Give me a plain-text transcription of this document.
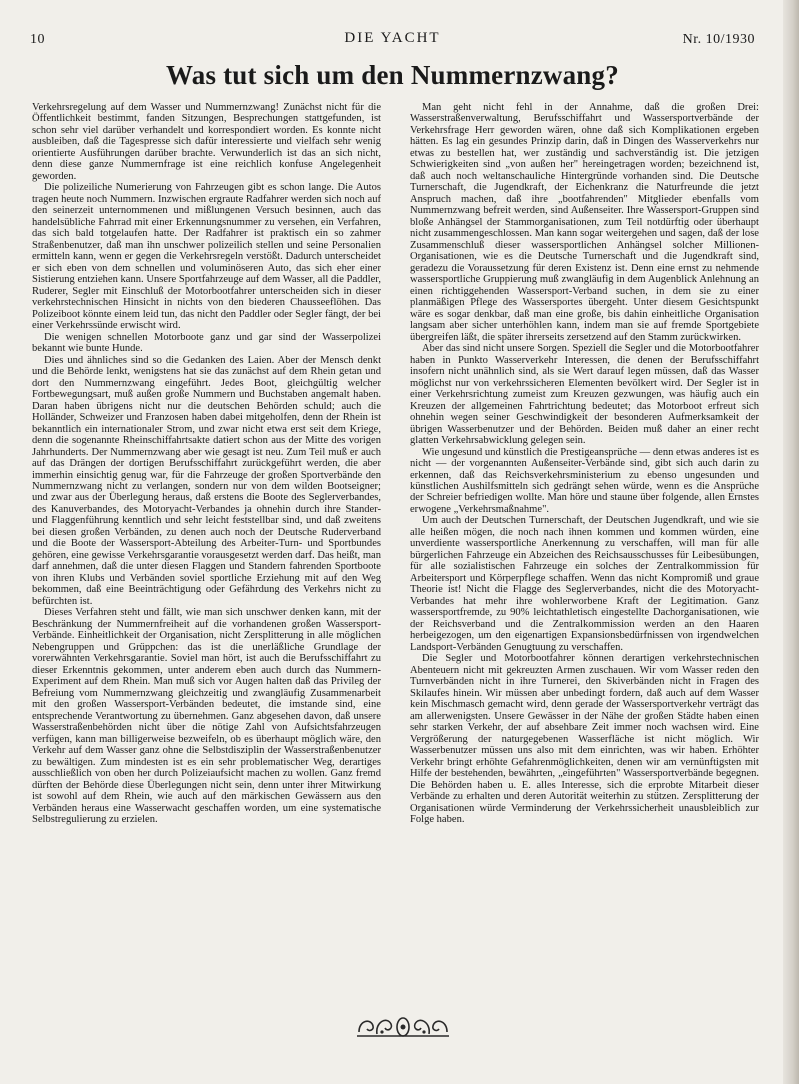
10	DIE YACHT	Nr. 10/1930
Was tut sich um den Nummernzwang?

Verkehrsregelung auf dem Wasser und Nummernzwang! Zunächst nicht für die Öffentlichkeit bestimmt, fanden Sitzungen, Besprechungen stattgefunden, ist schon sehr viel darüber verhandelt und korrespondiert worden. Es konnte nicht ausbleiben, daß die Tagespresse sich dafür interessierte und vielfach sehr wenig orientierte Ausführungen darüber brachte. Verwunderlich ist das an sich nicht, denn diese ganze Nummernfrage ist eine reichlich konfuse Angelegenheit geworden.

Die polizeiliche Numerierung von Fahrzeugen gibt es schon lange. Die Autos tragen heute noch Nummern. Inzwischen ergraute Radfahrer werden sich noch auf den seinerzeit unternommenen und mißlungenen Versuch besinnen, auch das handelsübliche Fahrrad mit einer Erkennungsnummer zu versehen, ein Verfahren, das sich bald totgelaufen hatte. Der Radfahrer ist praktisch ein so zahmer Straßenbenutzer, daß man ihn unschwer polizeilich stellen und seine Personalien ermitteln kann, wenn er gegen die Verkehrsregeln verstößt. Dadurch unterscheidet er sich eben von dem schnellen und voluminöseren Auto, das sich eher einer Sistierung entziehen kann. Unsere Sportfahrzeuge auf dem Wasser, all die Paddler, Ruderer, Segler mit Einschluß der Motorbootfahrer unterscheiden sich in dieser verkehrstechnischen Hinsicht in nichts von den biederen Chausseeflöhen. Das Polizeiboot könnte einem leid tun, das nicht den Paddler oder Segler fängt, der bei einer Verkehrssünde erwischt wird.

Die wenigen schnellen Motorboote ganz und gar sind der Wasserpolizei bekannt wie bunte Hunde.

Dies und ähnliches sind so die Gedanken des Laien. Aber der Mensch denkt und die Behörde lenkt, wenigstens hat sie das zunächst auf dem Rhein getan und dort den Nummernzwang eingeführt. Jedes Boot, gleichgültig welcher Fortbewegungsart, muß außen große Nummern und Buchstaben angemalt haben. Daran haben übrigens nicht nur die deutschen Behörden schuld; auch die Holländer, Schweizer und Franzosen haben dabei mitgeholfen, denn der Rhein ist bekanntlich ein internationaler Strom, und zwar nicht etwa erst seit dem Kriege, denn die sogenannte Rheinschiffahrtsakte datiert schon aus der Mitte des vorigen Jahrhunderts. Der Nummernzwang aber wie gesagt ist neu. Zum Teil muß er auch auf das Drängen der dortigen Berufsschiffahrt zurückgeführt werden, die aber immerhin einsichtig genug war, für die Fahrzeuge der großen Sportverbände den Nummernzwang nicht zu verlangen, sondern nur von dem wilden Bootseigner; und zwar aus der Überlegung heraus, daß erstens die Boote des Seglerverbandes, des Kanuverbandes, des Motoryacht-Verbandes ja ohnehin durch ihre Stander- und Flaggenführung kenntlich und sehr leicht feststellbar sind, und daß zweitens bei diesen großen Verbänden, zu denen auch noch der Deutsche Ruderverband und die Boote der Wassersport-Abteilung des Arbeiter-Turn- und Sportbundes gehören, eine gewisse Verkehrsgarantie vorausgesetzt werden darf. Das heißt, man darf annehmen, daß die unter diesen Flaggen und Standern fahrenden Sportboote von ihren Klubs und Verbänden soviel sportliche Erziehung mit auf den Weg bekommen, daß eine Beeinträchtigung oder Gefährdung des Verkehrs nicht zu befürchten ist.

Dieses Verfahren steht und fällt, wie man sich unschwer denken kann, mit der Beschränkung der Nummernfreiheit auf die vorhandenen großen Wassersport-Verbände. Einheitlichkeit der Organisation, nicht Zersplitterung in alle möglichen Nebengruppen und Grüppchen: das ist die unerläßliche Grundlage der vorerwähnten Verkehrsgarantie. Soviel man hört, ist auch die Berufsschiffahrt zu dieser Erkenntnis gekommen, unter anderem eben auch durch das Nummern-Experiment auf dem Rhein. Man muß sich vor Augen halten daß das Privileg der Befreiung vom Nummernzwang gleichzeitig und zwangläufig Zusammenarbeit mit den großen Wassersport-Verbänden bedeutet, die imstande sind, eine entsprechende Verantwortung zu übernehmen. Ganz abgesehen davon, daß unsere Wasserstraßenbehörden nicht über die nötige Zahl von Aufsichtsfahrzeugen verfügen, kann man billigerweise bezweifeln, ob es überhaupt möglich wäre, den Verkehr auf dem Wasser ganz ohne die Selbstdisziplin der Wasserstraßenbenutzer zu bewältigen. Zum mindesten ist es ein sehr problematischer Weg, derartiges ausschließlich von oben her durch Polizeiaufsicht machen zu wollen. Ganz fremd dürften der Behörde diese Überlegungen nicht sein, denn unter ihrer Mitwirkung ist sowohl auf dem Rhein, wie auch auf den märkischen Gewässern aus den Verbänden heraus eine Wasserwacht geschaffen worden, um eine systematische Selbstregulierung zu erzielen.

Man geht nicht fehl in der Annahme, daß die großen Drei: Wasserstraßenverwaltung, Berufsschiffahrt und Wassersportverbände der Verkehrsfrage Herr geworden wären, ohne daß sich Komplikationen ergeben hätten. Es lag ein gesundes Prinzip darin, daß in Dingen des Wasserverkehrs nur etwas zu bestellen hat, wer zuständig und sachverständig ist. Die jetzigen Schwierigkeiten sind „von außen her" hereingetragen worden; bezeichnend ist, daß auch noch weltanschauliche Hintergründe vorhanden sind. Die Deutsche Turnerschaft, die Jugendkraft, der Eichenkranz die Naturfreunde die jetzt Anspruch machen, daß ihre „bootfahrenden" Mitglieder ebenfalls vom Nummernzwang befreit werden, sind Außenseiter. Ihre Wassersport-Gruppen sind bloße Anhängsel der Stammorganisationen, zum Teil notdürftig oder überhaupt nicht zusammengeschlossen. Man kann sogar weitergehen und sagen, daß der lose Zusammenschluß dieser wassersportlichen Anhängsel solcher Millionen-Organisationen, wie es die Deutsche Turnerschaft und die Jugendkraft sind, geradezu die Voraussetzung für deren Existenz ist. Denn eine ernst zu nehmende wassersportliche Gruppierung muß zwangläufig in dem Augenblick Anlehnung an einen richtiggehenden Wassersport-Verband suchen, in dem sie zu einer planmäßigen Pflege des Wassersportes übergeht. Unter diesem Gesichtspunkt wäre es sogar denkbar, daß man eine große, bis dahin einheitliche Organisation langsam aber sicher unterhöhlen kann, indem man sie auf fremde Sportgebiete übergreifen läßt, die später ihrerseits zersetzend auf den Stamm zurückwirken.

Aber das sind nicht unsere Sorgen. Speziell die Segler und die Motorbootfahrer haben in Punkto Wasserverkehr Interessen, die denen der Berufsschiffahrt insofern nicht unähnlich sind, als sie Wert darauf legen müssen, daß das Wasser möglichst nur von verkehrssicheren Elementen bevölkert wird. Der Segler ist in einer Verkehrsrichtung zumeist zum Kreuzen gezwungen, was häufig auch ein Kreuzen der allgemeinen Fahrtrichtung bedeutet; das Motorboot erfreut sich ohnehin wegen seiner Geschwindigkeit der besonderen Aufmerksamkeit der übrigen Wasserbenutzer und der Behörden. Beiden muß daher an einer recht glatten Verkehrsabwicklung gelegen sein.

Wie ungesund und künstlich die Prestigeansprüche — denn etwas anderes ist es nicht — der vorgenannten Außenseiter-Verbände sind, gibt sich auch darin zu erkennen, daß das Reichsverkehrsministerium zu ebenso ungesunden und künstlichen Aushilfsmitteln sich gedrängt sehen würde, wenn es die Ansprüche der Schreier befriedigen wollte. Man höre und staune über folgende, allen Ernstes erwogene „Verkehrsmaßnahme".

Um auch der Deutschen Turnerschaft, der Deutschen Jugendkraft, und wie sie alle heißen mögen, die noch nach ihnen kommen und kommen würden, eine unverdiente wassersportliche Anerkennung zu verschaffen, will man für alle bürgerlichen Fahrzeuge ein Abzeichen des Reichsausschusses für Leibesübungen, für alle sozialistischen Fahrzeuge ein solches der Zentralkommission für Arbeitersport und Körperpflege schaffen. Wenn das nicht Kompromiß und graue Theorie ist! Nicht die Flagge des Seglerverbandes, nicht die des Motoryacht-Verbandes hat mehr ihre wohlerworbene Kraft der Legitimation. Ganz wassersportfremde, zu 90% leichtathletisch eingestellte Dachorganisationen, wie der Reichsverband und die Zentralkommission werden an den Haaren herbeigezogen, um den eigenartigen Expansionsbedürfnissen von irgendwelchen Landsport-Verbänden Genugtuung zu verschaffen.

Die Segler und Motorbootfahrer können derartigen verkehrstechnischen Abenteuern nicht mit gekreuzten Armen zuschauen. Wir vom Wasser reden den Turnverbänden nicht in ihre Turnerei, den Skiverbänden nicht in Fragen des Skilaufes hinein. Wir müssen aber unbedingt fordern, daß auch auf dem Wasser kein Mischmasch gemacht wird, denn gerade der Wassersportverkehr verträgt das am allerwenigsten. Unsere Gewässer in der Nähe der großen Städte haben einen sehr starken Verkehr, der auf absehbare Zeit immer noch wachsen wird. Eine Vergrößerung der naturgegebenen Wasserfläche ist nicht möglich. Wir Wasserbenutzer müssen uns also mit dem einrichten, was wir haben. Erhöhter Verkehr bringt erhöhte Gefahrenmöglichkeiten, denen wir am vernünftigsten mit Hilfe der bestehenden, bewährten, „eingeführten" Wassersportverbände begegnen. Die Behörden haben u. E. alles Interesse, sich die erprobte Mitarbeit dieser Verbände zu erhalten und deren Autorität weiterhin zu stützen. Zersplitterung der Organisationen würde Verminderung der Verkehrssicherheit unausbleiblich zur Folge haben.
